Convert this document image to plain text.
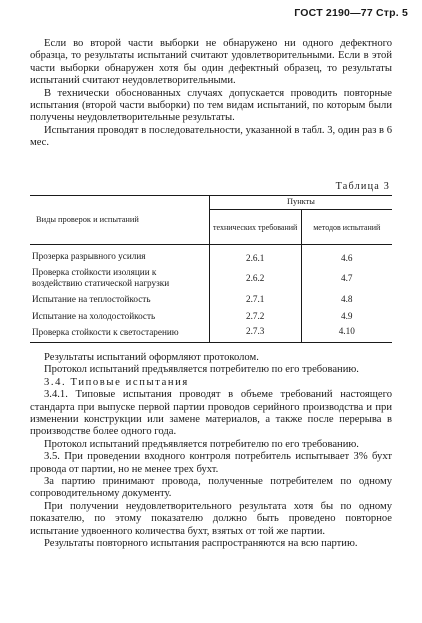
ГОСТ 2190—77 Стр. 5

Если во второй части выборки не обнаружено ни одного дефектного образца, то результаты испытаний считают удовлетворительными. Если в этой части выборки обнаружен хотя бы один дефектный образец, то результаты испытаний считают неудовлетворительными.

В технически обоснованных случаях допускается проводить повторные испытания (второй части выборки) по тем видам испытаний, по которым были получены неудовлетворительные результаты.

Испытания проводят в последовательности, указанной в табл. 3, один раз в 6 мес.

Таблица 3
Виды проверок и испытаний	Пункты	
	технических требований	методов испытаний
Прозерка разрывного усилия	2.6.1	4.6
Проверка стойкости изоляции к воздействию статической нагрузки	2.6.2	4.7
Испытание на теплостойкость	2.7.1	4.8
Испытание на холодостойкость	2.7.2	4.9
Проверка стойкости к светостарению	2.7.3	4.10

Результаты испытаний оформляют протоколом.

Протокол испытаний предъявляется потребителю по его требованию.

3.4. Типовые испытания

3.4.1. Типовые испытания проводят в объеме требований настоящего стандарта при выпуске первой партии проводов серийного производства и при изменении конструкции или замене материалов, а также после перерыва в производстве более одного года.

Протокол испытаний предъявляется потребителю по его требованию.

3.5. При проведении входного контроля потребитель испытывает 3% бухт провода от партии, но не менее трех бухт.

За партию принимают провода, полученные потребителем по одному сопроводительному документу.

При получении неудовлетворительного результата хотя бы по одному показателю, по этому показателю должно быть проведено повторное испытание удвоенного количества бухт, взятых от той же партии.

Результаты повторного испытания распространяются на всю партию.
